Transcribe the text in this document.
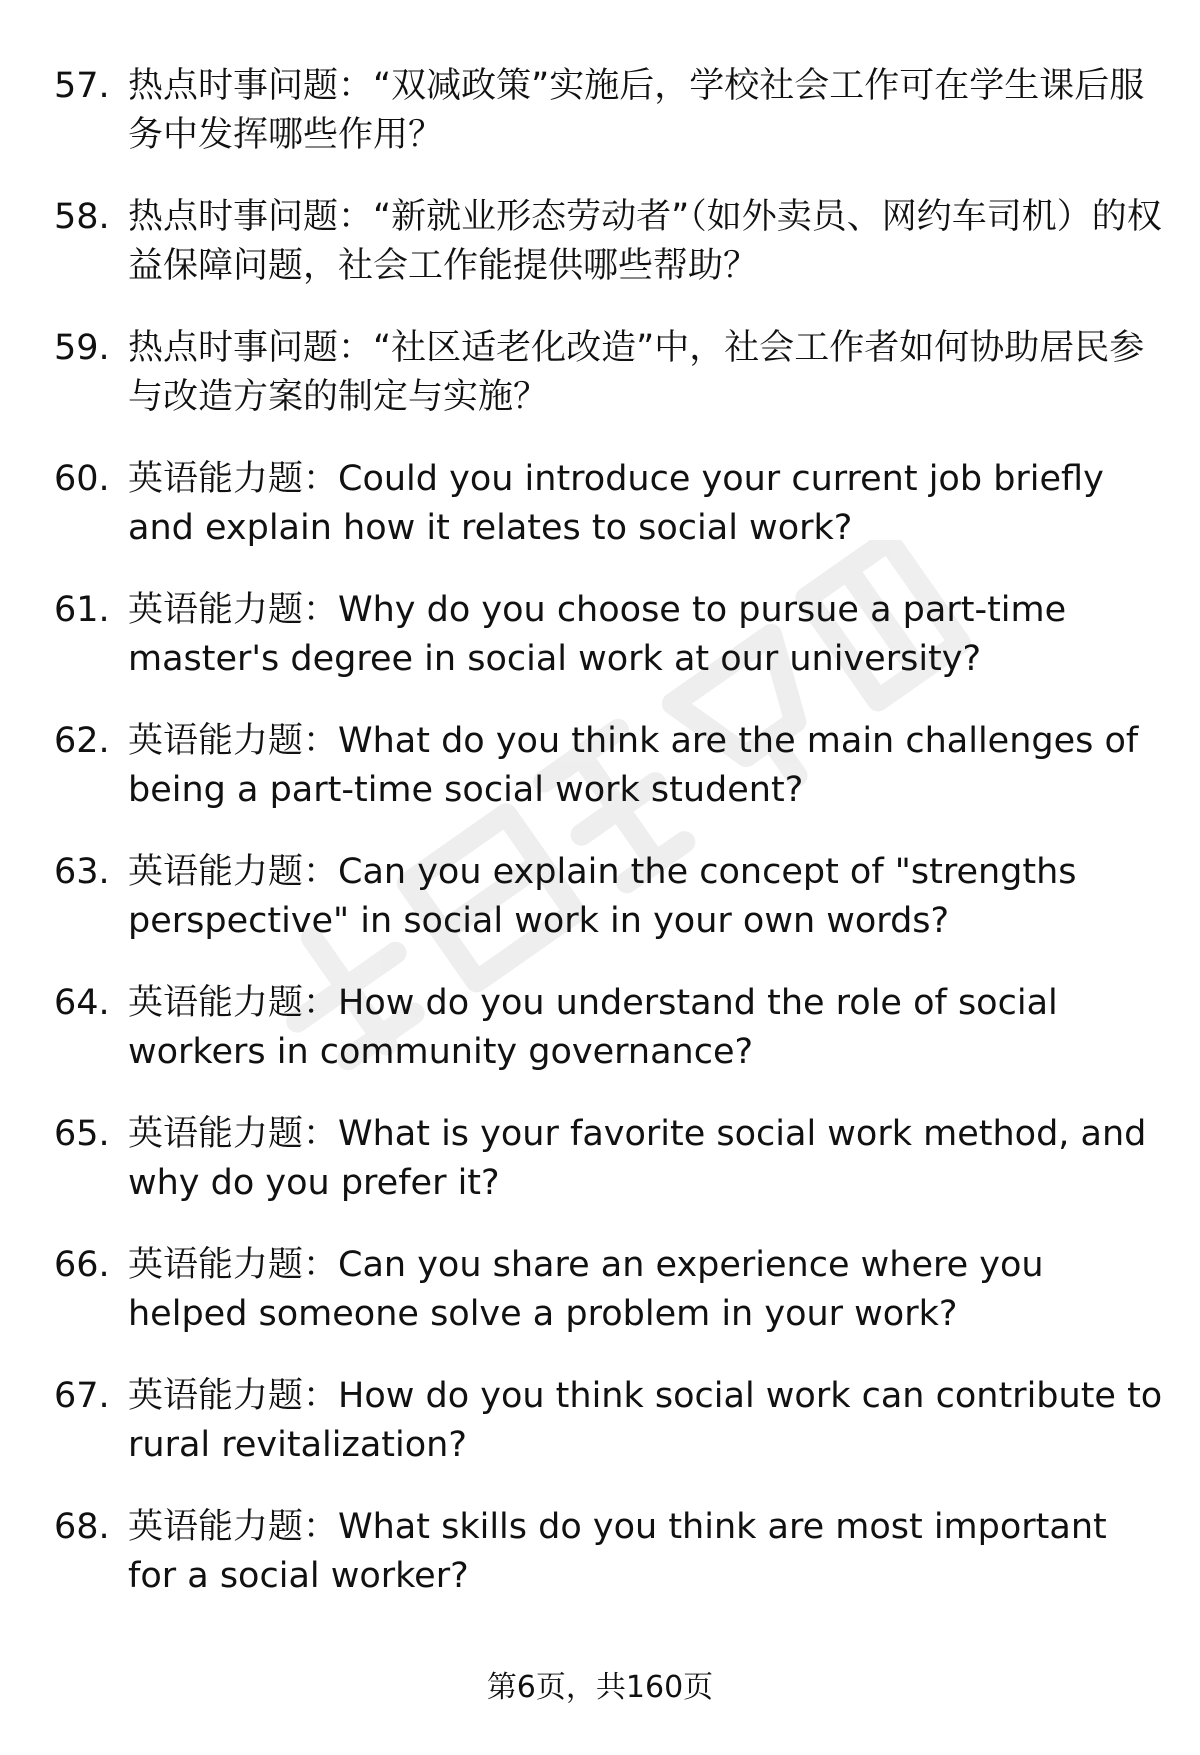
57. 热点时事问题：“双减政策”实施后，学校社会工作可在学生课后服务中发挥哪些作用？
58. 热点时事问题：“新就业形态劳动者”（如外卖员、网约车司机）的权益保障问题，社会工作能提供哪些帮助？
59. 热点时事问题：“社区适老化改造”中，社会工作者如何协助居民参与改造方案的制定与实施？
60. 英语能力题：Could you introduce your current job briefly and explain how it relates to social work?
61. 英语能力题：Why do you choose to pursue a part-time master's degree in social work at our university?
62. 英语能力题：What do you think are the main challenges of being a part-time social work student?
63. 英语能力题：Can you explain the concept of "strengths perspective" in social work in your own words?
64. 英语能力题：How do you understand the role of social workers in community governance?
65. 英语能力题：What is your favorite social work method, and why do you prefer it?
66. 英语能力题：Can you share an experience where you helped someone solve a problem in your work?
67. 英语能力题：How do you think social work can contribute to rural revitalization?
68. 英语能力题：What skills do you think are most important for a social worker?
第6页，共160页
